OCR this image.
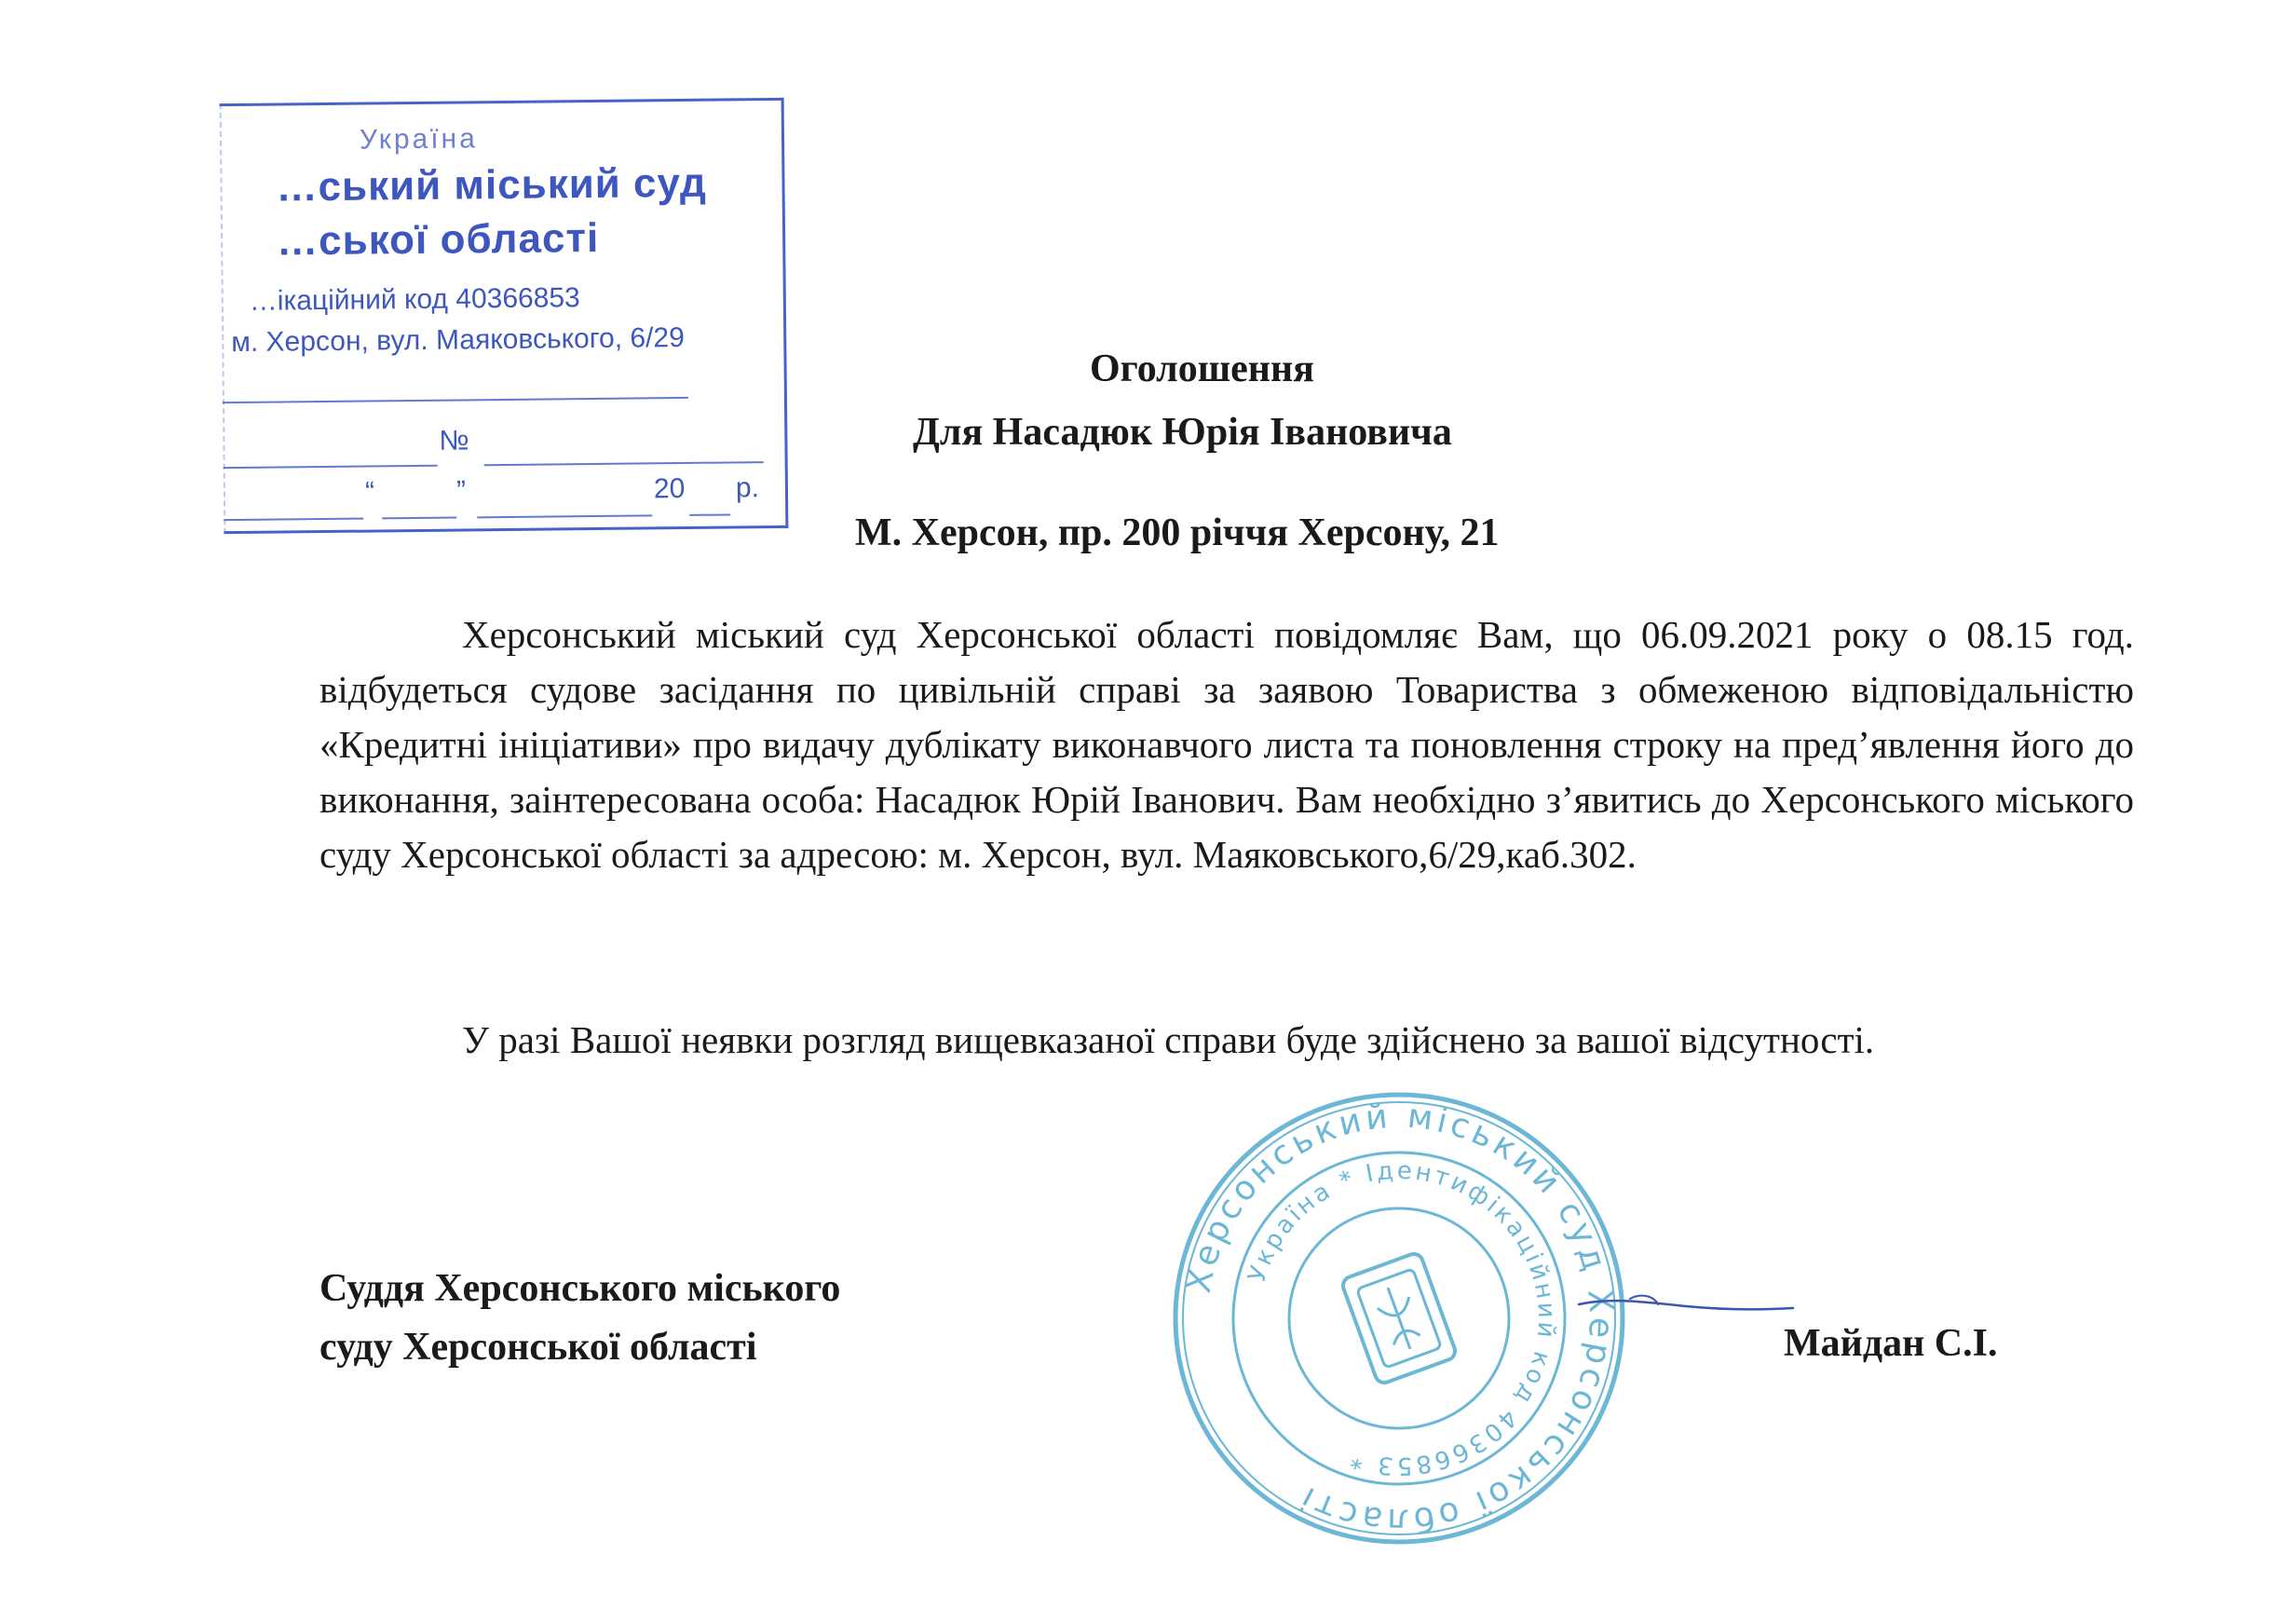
Україна
…ський міський суд
…ської області
…ікаційний код 40366853
м. Херсон, вул. Маяковського, 6/29
№
“	”	20 р.
Оголошення
Для Насадюк Юрія Івановича
М. Херсон, пр. 200 річчя Херсону, 21
Херсонський міський суд Херсонської області повідомляє Вам, що 06.09.2021 року о 08.15 год. відбудеться судове засідання по цивільній справі за заявою Товариства з обмеженою відповідальністю «Кредитні ініціативи» про видачу дублікату виконавчого листа та поновлення строку на пред’явлення його до виконання, заінтересована особа: Насадюк Юрій Іванович. Вам необхідно з’явитись до Херсонського міського суду Херсонської області за адресою: м. Херсон, вул. Маяковського,6/29,каб.302.
У разі Вашої неявки розгляд вищевказаної справи буде здійснено за вашої відсутності.
Суддя Херсонського міського
суду Херсонської області	Майдан С.І.
Херсонський міський суд Херсонської області
Україна * Ідентифікаційний код 40366853 *
